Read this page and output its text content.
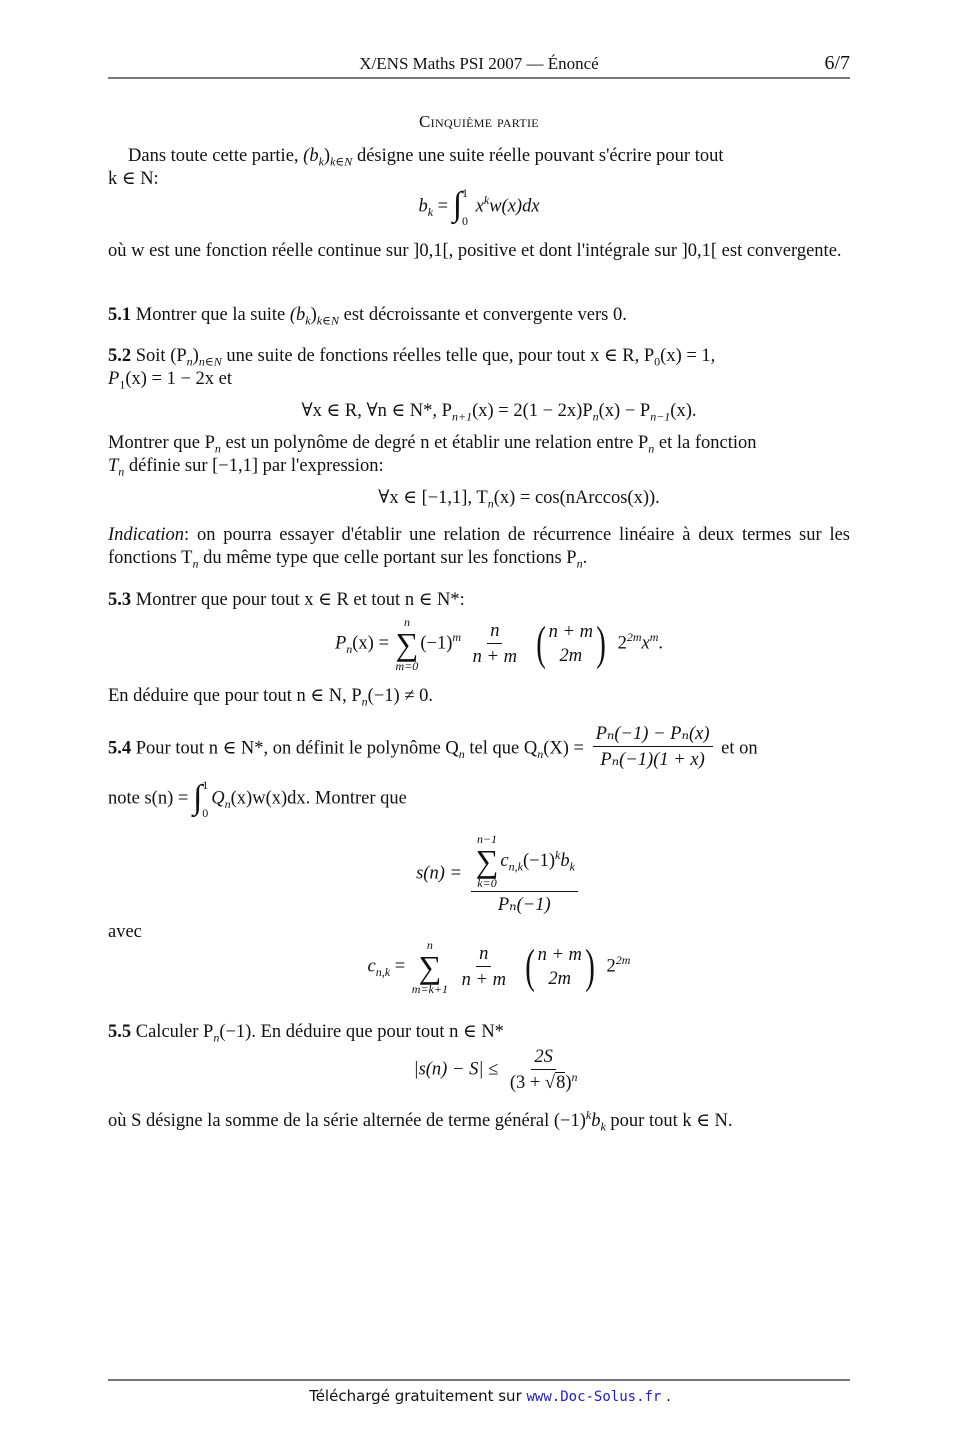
X/ENS Maths PSI 2007 — Énoncé	6/7
Cinquième partie
Dans toute cette partie, $(b_k)_{k\in N}$ désigne une suite réelle pouvant s'écrire pour tout
k ∈ N:
$b_k = \int 1$

0 $x^kw(x)dx$
où w est une fonction réelle continue sur ]0,1[, positive et dont l'intégrale sur ]0,1[ est convergente.
5.1 Montrer que la suite $(b_k)_{k\in N}$ est décroissante et convergente vers 0.
5.2 Soit $(P_n)_{n\in N}$ une suite de fonctions réelles telle que, pour tout x ∈ R, $P_0(x) = 1$,
$P_1(x) = 1 - 2x$ et
∀x ∈ R, ∀n ∈ N*, $P_{n+1}(x) = 2(1 - 2x)P_n(x) - P_{n-1}(x)$.
Montrer que $P_n$ est un polynôme de degré n et établir une relation entre $P_n$ et la fonction
$T_n$ définie sur [−1,1] par l'expression:
∀x ∈ [−1,1], $T_n(x)$ = cos(nArccos(x)).
Indication: on pourra essayer d'établir une relation de récurrence linéaire à deux termes sur les fonctions $T_n$ du même type que celle portant sur les fonctions $P_n$.
5.3 Montrer que pour tout x ∈ R et tout n ∈ N*:
$P_n(x)$ =
n
∑
m=0
$(-1)^m \frac{n}{n + m}$
( n + m
2m ) $2^{2m}x^m$.
En déduire que pour tout n ∈ N, $P_n(-1) \ne 0$.
5.4 Pour tout n ∈ N*, on définit le polynôme $Q_n$ tel que $Q_n(X) = \frac{\text{Pₙ(−1) − Pₙ(x)}}{\text{Pₙ(−1)(1 + x)}}$ et on
note s(n) = ∫1

$0Q_n(x)w(x)dx$. Montrer que
s(n) = n−1
∑
k=0
$c_{n,k}(-1)^kb_k$
Pₙ(−1)
avec
$c_{n,k}$ =
n
∑
m=k+1
$\frac{n}{n + m}$
( n + m
2m ) $2^{2m}$
5.5 Calculer $P_n(-1)$. En déduire que pour tout n ∈ N*
$|s(n) - S| \le \frac{2S}{(3 + √8)^n}$
où S désigne la somme de la série alternée de terme général $(-1)^kb_k$ pour tout k ∈ N.
Téléchargé gratuitement sur www.Doc-Solus.fr .
